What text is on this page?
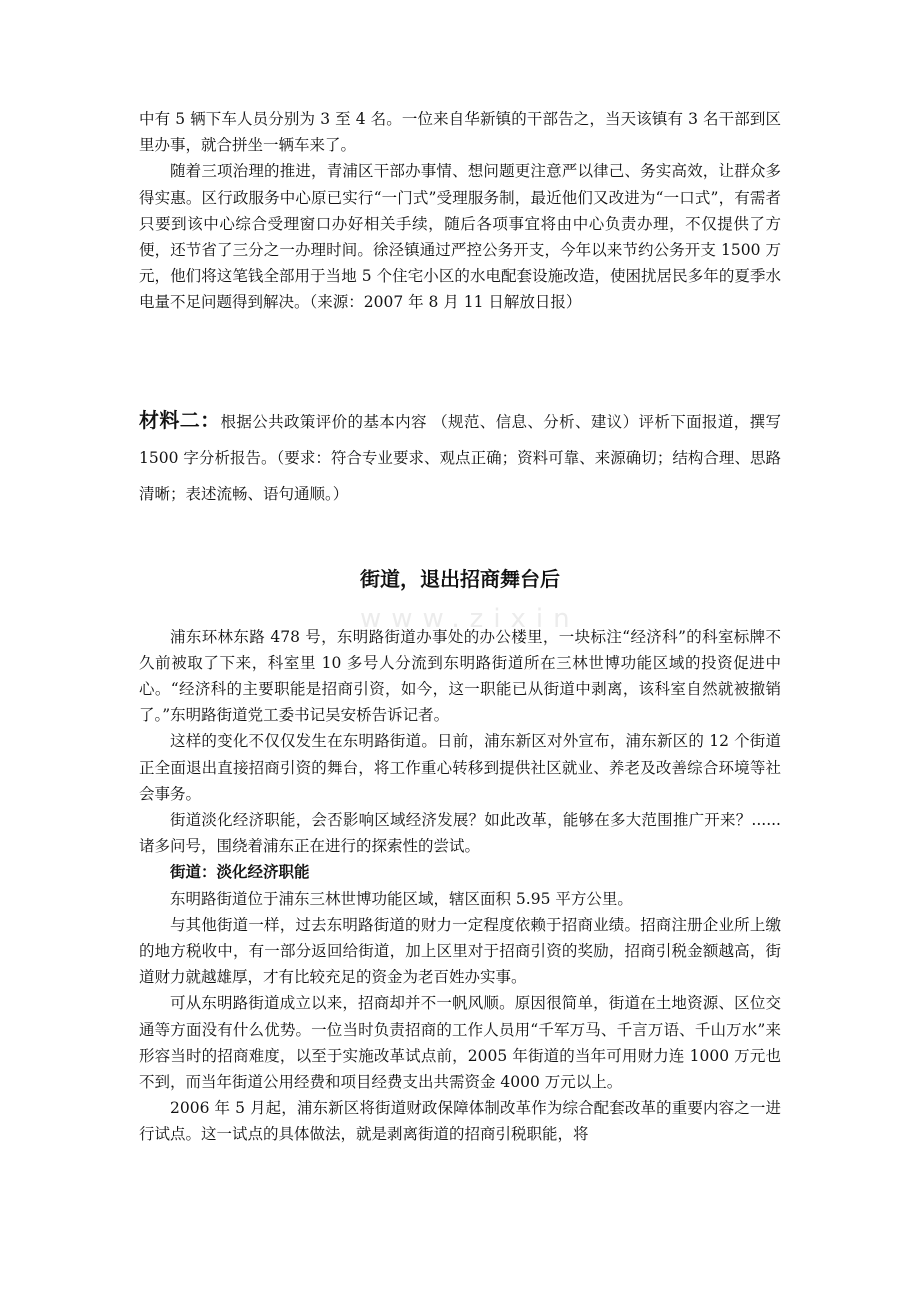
www.zixin

中有 5 辆下车人员分别为 3 至 4 名。一位来自华新镇的干部告之，当天该镇有 3 名干部到区里办事，就合拼坐一辆车来了。

随着三项治理的推进，青浦区干部办事情、想问题更注意严以律己、务实高效，让群众多得实惠。区行政服务中心原已实行“一门式”受理服务制，最近他们又改进为“一口式”，有需者只要到该中心综合受理窗口办好相关手续，随后各项事宜将由中心负责办理，不仅提供了方便，还节省了三分之一办理时间。徐泾镇通过严控公务开支，今年以来节约公务开支 1500 万元，他们将这笔钱全部用于当地 5 个住宅小区的水电配套设施改造，使困扰居民多年的夏季水电量不足问题得到解决。（来源：2007 年 8 月 11 日解放日报）

材料二：根据公共政策评价的基本内容 （规范、信息、分析、建议）评析下面报道，撰写 1500 字分析报告。（要求：符合专业要求、观点正确；资料可靠、来源确切；结构合理、思路清晰；表述流畅、语句通顺。）

街道，退出招商舞台后

浦东环林东路 478 号，东明路街道办事处的办公楼里，一块标注“经济科”的科室标牌不久前被取了下来，科室里 10 多号人分流到东明路街道所在三林世博功能区域的投资促进中心。“经济科的主要职能是招商引资，如今，这一职能已从街道中剥离，该科室自然就被撤销了。”东明路街道党工委书记吴安桥告诉记者。

这样的变化不仅仅发生在东明路街道。日前，浦东新区对外宣布，浦东新区的 12 个街道正全面退出直接招商引资的舞台，将工作重心转移到提供社区就业、养老及改善综合环境等社会事务。

街道淡化经济职能，会否影响区域经济发展？如此改革，能够在多大范围推广开来？......诸多问号，围绕着浦东正在进行的探索性的尝试。

街道：淡化经济职能

东明路街道位于浦东三林世博功能区域，辖区面积 5.95 平方公里。

与其他街道一样，过去东明路街道的财力一定程度依赖于招商业绩。招商注册企业所上缴的地方税收中，有一部分返回给街道，加上区里对于招商引资的奖励，招商引税金额越高，街道财力就越雄厚，才有比较充足的资金为老百姓办实事。

可从东明路街道成立以来，招商却并不一帆风顺。原因很简单，街道在土地资源、区位交通等方面没有什么优势。一位当时负责招商的工作人员用“千军万马、千言万语、千山万水”来形容当时的招商难度，以至于实施改革试点前，2005 年街道的当年可用财力连 1000 万元也不到，而当年街道公用经费和项目经费支出共需资金 4000 万元以上。

2006 年 5 月起，浦东新区将街道财政保障体制改革作为综合配套改革的重要内容之一进行试点。这一试点的具体做法，就是剥离街道的招商引税职能，将
